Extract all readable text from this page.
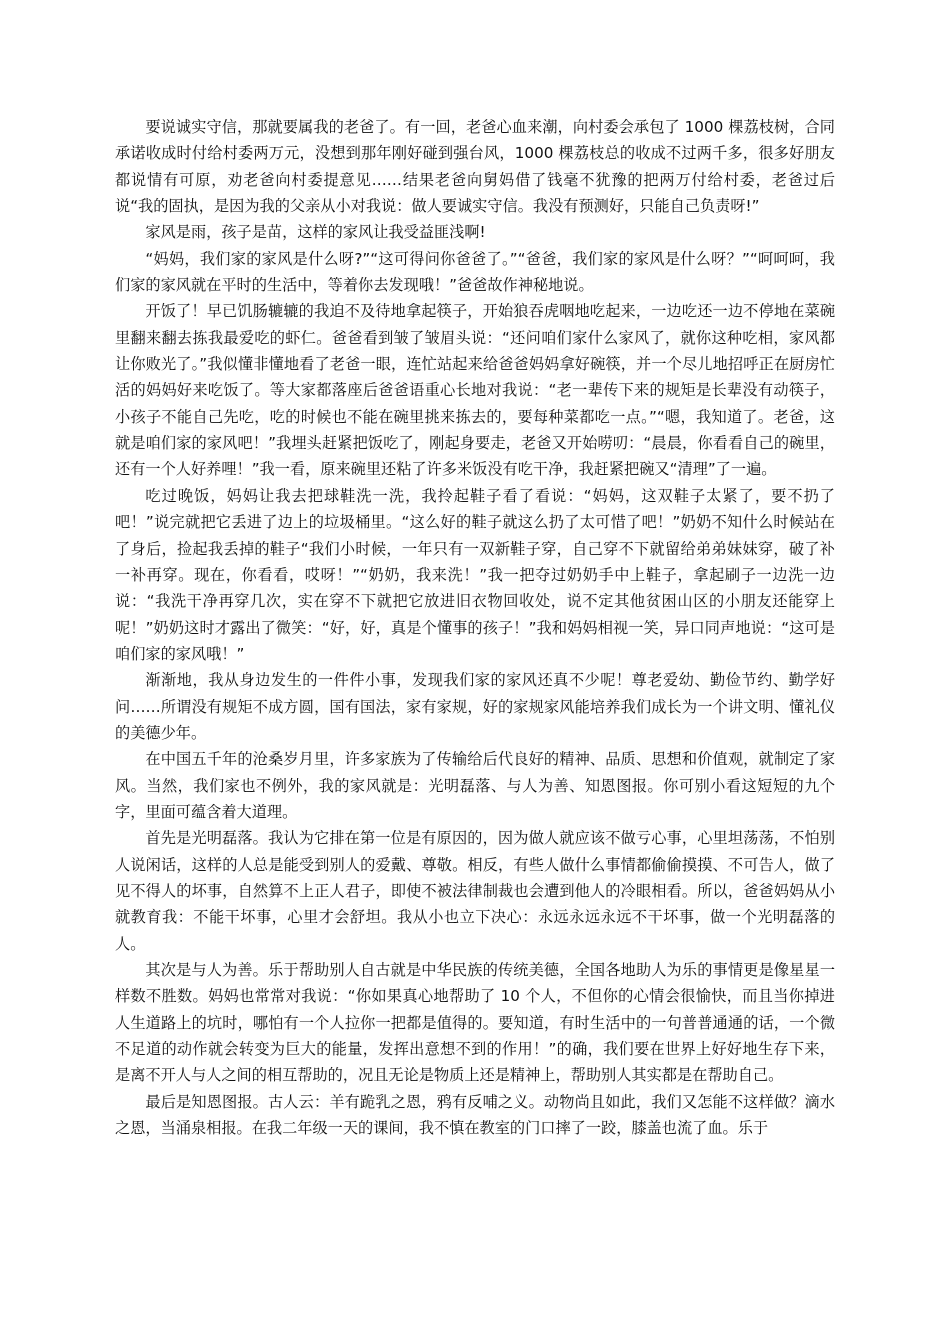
要说诚实守信，那就要属我的老爸了。有一回，老爸心血来潮，向村委会承包了 1000 棵荔枝树，合同承诺收成时付给村委两万元，没想到那年刚好碰到强台风，1000 棵荔枝总的收成不过两千多，很多好朋友都说情有可原，劝老爸向村委提意见……结果老爸向舅妈借了钱毫不犹豫的把两万付给村委，老爸过后说“我的固执，是因为我的父亲从小对我说：做人要诚实守信。我没有预测好，只能自己负责呀!”

家风是雨，孩子是苗，这样的家风让我受益匪浅啊!

“妈妈，我们家的家风是什么呀?”“这可得问你爸爸了。”“爸爸，我们家的家风是什么呀？”“呵呵呵，我们家的家风就在平时的生活中，等着你去发现哦！”爸爸故作神秘地说。

开饭了！早已饥肠辘辘的我迫不及待地拿起筷子，开始狼吞虎咽地吃起来，一边吃还一边不停地在菜碗里翻来翻去拣我最爱吃的虾仁。爸爸看到皱了皱眉头说：“还问咱们家什么家风了，就你这种吃相，家风都让你败光了。”我似懂非懂地看了老爸一眼，连忙站起来给爸爸妈妈拿好碗筷，并一个尽儿地招呼正在厨房忙活的妈妈好来吃饭了。等大家都落座后爸爸语重心长地对我说：“老一辈传下来的规矩是长辈没有动筷子，小孩子不能自己先吃，吃的时候也不能在碗里挑来拣去的，要每种菜都吃一点。”“嗯，我知道了。老爸，这就是咱们家的家风吧！”我埋头赶紧把饭吃了，刚起身要走，老爸又开始唠叨：“晨晨，你看看自己的碗里，还有一个人好养哩！”我一看，原来碗里还粘了许多米饭没有吃干净，我赶紧把碗又“清理”了一遍。

吃过晚饭，妈妈让我去把球鞋洗一洗，我拎起鞋子看了看说：“妈妈，这双鞋子太紧了，要不扔了吧！”说完就把它丢进了边上的垃圾桶里。“这么好的鞋子就这么扔了太可惜了吧！”奶奶不知什么时候站在了身后，捡起我丢掉的鞋子“我们小时候，一年只有一双新鞋子穿，自己穿不下就留给弟弟妹妹穿，破了补一补再穿。现在，你看看，哎呀！”“奶奶，我来洗！”我一把夺过奶奶手中上鞋子，拿起刷子一边洗一边说：“我洗干净再穿几次，实在穿不下就把它放进旧衣物回收处，说不定其他贫困山区的小朋友还能穿上呢！”奶奶这时才露出了微笑：“好，好，真是个懂事的孩子！”我和妈妈相视一笑，异口同声地说：“这可是咱们家的家风哦！”

渐渐地，我从身边发生的一件件小事，发现我们家的家风还真不少呢！尊老爱幼、勤俭节约、勤学好问……所谓没有规矩不成方圆，国有国法，家有家规，好的家规家风能培养我们成长为一个讲文明、懂礼仪的美德少年。

在中国五千年的沧桑岁月里，许多家族为了传输给后代良好的精神、品质、思想和价值观，就制定了家风。当然，我们家也不例外，我的家风就是：光明磊落、与人为善、知恩图报。你可别小看这短短的九个字，里面可蕴含着大道理。

首先是光明磊落。我认为它排在第一位是有原因的，因为做人就应该不做亏心事，心里坦荡荡，不怕别人说闲话，这样的人总是能受到别人的爱戴、尊敬。相反，有些人做什么事情都偷偷摸摸、不可告人，做了见不得人的坏事，自然算不上正人君子，即使不被法律制裁也会遭到他人的冷眼相看。所以，爸爸妈妈从小就教育我：不能干坏事，心里才会舒坦。我从小也立下决心：永远永远永远不干坏事，做一个光明磊落的人。

其次是与人为善。乐于帮助别人自古就是中华民族的传统美德，全国各地助人为乐的事情更是像星星一样数不胜数。妈妈也常常对我说：“你如果真心地帮助了 10 个人，不但你的心情会很愉快，而且当你掉进人生道路上的坑时，哪怕有一个人拉你一把都是值得的。要知道，有时生活中的一句普普通通的话，一个微不足道的动作就会转变为巨大的能量，发挥出意想不到的作用！”的确，我们要在世界上好好地生存下来，是离不开人与人之间的相互帮助的，况且无论是物质上还是精神上，帮助别人其实都是在帮助自己。

最后是知恩图报。古人云：羊有跪乳之恩，鸦有反哺之义。动物尚且如此，我们又怎能不这样做？滴水之恩，当涌泉相报。在我二年级一天的课间，我不慎在教室的门口摔了一跤，膝盖也流了血。乐于
